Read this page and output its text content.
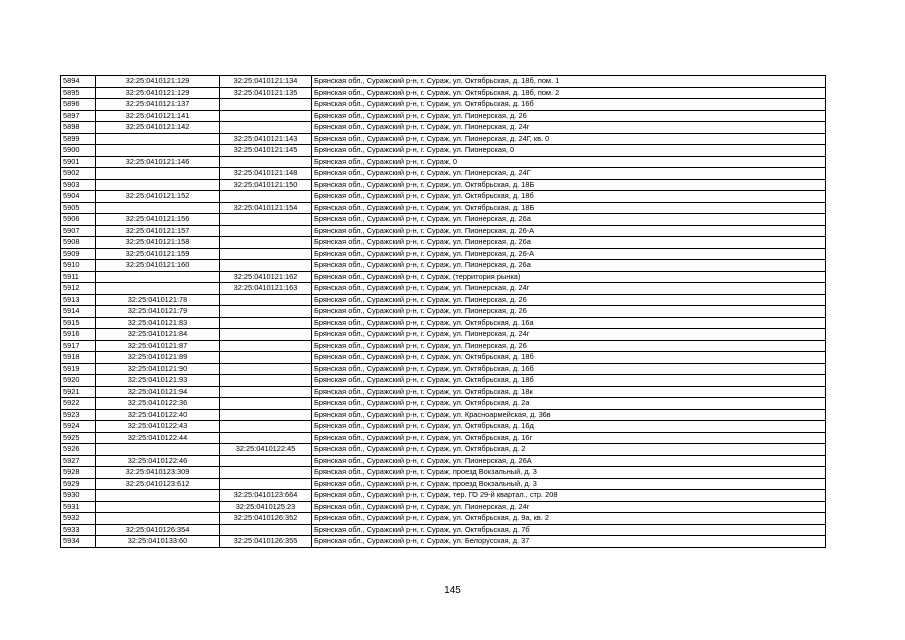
5894	32:25:0410121:129	32:25:0410121:134	Брянская обл., Суражский р-н, г. Сураж, ул. Октябрьская, д. 18б, пом. 1
5895	32:25:0410121:129	32:25:0410121:135	Брянская обл., Суражский р-н, г. Сураж, ул. Октябрьская, д. 18б, пом. 2
5896	32:25:0410121:137		Брянская обл., Суражский р-н, г. Сураж, ул. Октябрьская, д. 16б
5897	32:25:0410121:141		Брянская обл., Суражский р-н, г. Сураж, ул. Пионерская, д. 26
5898	32:25:0410121:142		Брянская обл., Суражский р-н, г. Сураж, ул. Пионерская, д. 24г
5899		32:25:0410121:143	Брянская обл., Суражский р-н, г. Сураж, ул. Пионерская, д. 24Г, кв. 0
5900		32:25:0410121:145	Брянская обл., Суражский р-н, г. Сураж, ул. Пионерская, 0
5901	32:25:0410121:146		Брянская обл., Суражский р-н, г. Сураж, 0
5902		32:25:0410121:148	Брянская обл., Суражский р-н, г. Сураж, ул. Пионерская, д. 24Г
5903		32:25:0410121:150	Брянская обл., Суражский р-н, г. Сураж, ул. Октябрьская, д. 18Б
5904	32:25:0410121:152		Брянская обл., Суражский р-н, г. Сураж, ул. Октябрьская, д. 18б
5905		32:25:0410121:154	Брянская обл., Суражский р-н, г. Сураж, ул. Октябрьская, д. 18Б
5906	32:25:0410121:156		Брянская обл., Суражский р-н, г. Сураж, ул. Пионерская, д. 26а
5907	32:25:0410121:157		Брянская обл., Суражский р-н, г. Сураж, ул. Пионерская, д. 26-А
5908	32:25:0410121:158		Брянская обл., Суражский р-н, г. Сураж, ул. Пионерская, д. 26а
5909	32:25:0410121:159		Брянская обл., Суражский р-н, г. Сураж, ул. Пионерская, д. 26-А
5910	32:25:0410121:160		Брянская обл., Суражский р-н, г. Сураж, ул. Пионерская, д. 26а
5911		32:25:0410121:162	Брянская обл., Суражский р-н, г. Сураж, (территория рынка)
5912		32:25:0410121:163	Брянская обл., Суражский р-н, г. Сураж, ул. Пионерская, д. 24г
5913	32:25:0410121:78		Брянская обл., Суражский р-н, г. Сураж, ул. Пионерская, д. 26
5914	32:25:0410121:79		Брянская обл., Суражский р-н, г. Сураж, ул. Пионерская, д. 26
5915	32:25:0410121:83		Брянская обл., Суражский р-н, г. Сураж, ул. Октябрьская, д. 16а
5916	32:25:0410121:84		Брянская обл., Суражский р-н, г. Сураж, ул. Пионерская, д. 24г
5917	32:25:0410121:87		Брянская обл., Суражский р-н, г. Сураж, ул. Пионерская, д. 26
5918	32:25:0410121:89		Брянская обл., Суражский р-н, г. Сураж, ул. Октябрьская, д. 18б
5919	32:25:0410121:90		Брянская обл., Суражский р-н, г. Сураж, ул. Октябрьская, д. 16б
5920	32:25:0410121:93		Брянская обл., Суражский р-н, г. Сураж, ул. Октябрьская, д. 18б
5921	32:25:0410121:94		Брянская обл., Суражский р-н, г. Сураж, ул. Октябрьская, д. 18к
5922	32:25:0410122:36		Брянская обл., Суражский р-н, г. Сураж, ул. Октябрьская, д. 2а
5923	32:25:0410122:40		Брянская обл., Суражский р-н, г. Сураж, ул. Красноармейская, д. 36в
5924	32:25:0410122:43		Брянская обл., Суражский р-н, г. Сураж, ул. Октябрьская, д. 16д
5925	32:25:0410122:44		Брянская обл., Суражский р-н, г. Сураж, ул. Октябрьская, д. 16г
5926		32:25:0410122:45	Брянская обл., Суражский р-н, г. Сураж, ул. Октябрьская, д. 2
5927	32:25:0410122:46		Брянская обл., Суражский р-н, г. Сураж, ул. Пионерская, д. 26А
5928	32:25:0410123:309		Брянская обл., Суражский р-н, г. Сураж, проезд Вокзальный, д. 3
5929	32:25:0410123:612		Брянская обл., Суражский р-н, г. Сураж, проезд Вокзальный, д. 3
5930		32:25:0410123:664	Брянская обл., Суражский р-н, г. Сураж, тер. ГО 29-й квартал., стр. 208
5931		32:25:0410125:23	Брянская обл., Суражский р-н, г. Сураж, ул. Пионерская, д. 24г
5932		32:25:0410126:352	Брянская обл., Суражский р-н, г. Сураж, ул. Октябрьская, д. 9а, кв. 2
5933	32:25:0410126:354		Брянская обл., Суражский р-н, г. Сураж, ул. Октябрьская, д. 7б
5934	32:25:0410133:60	32:25:0410126:355	Брянская обл., Суражский р-н, г. Сураж, ул. Белорусская, д. 37
145
